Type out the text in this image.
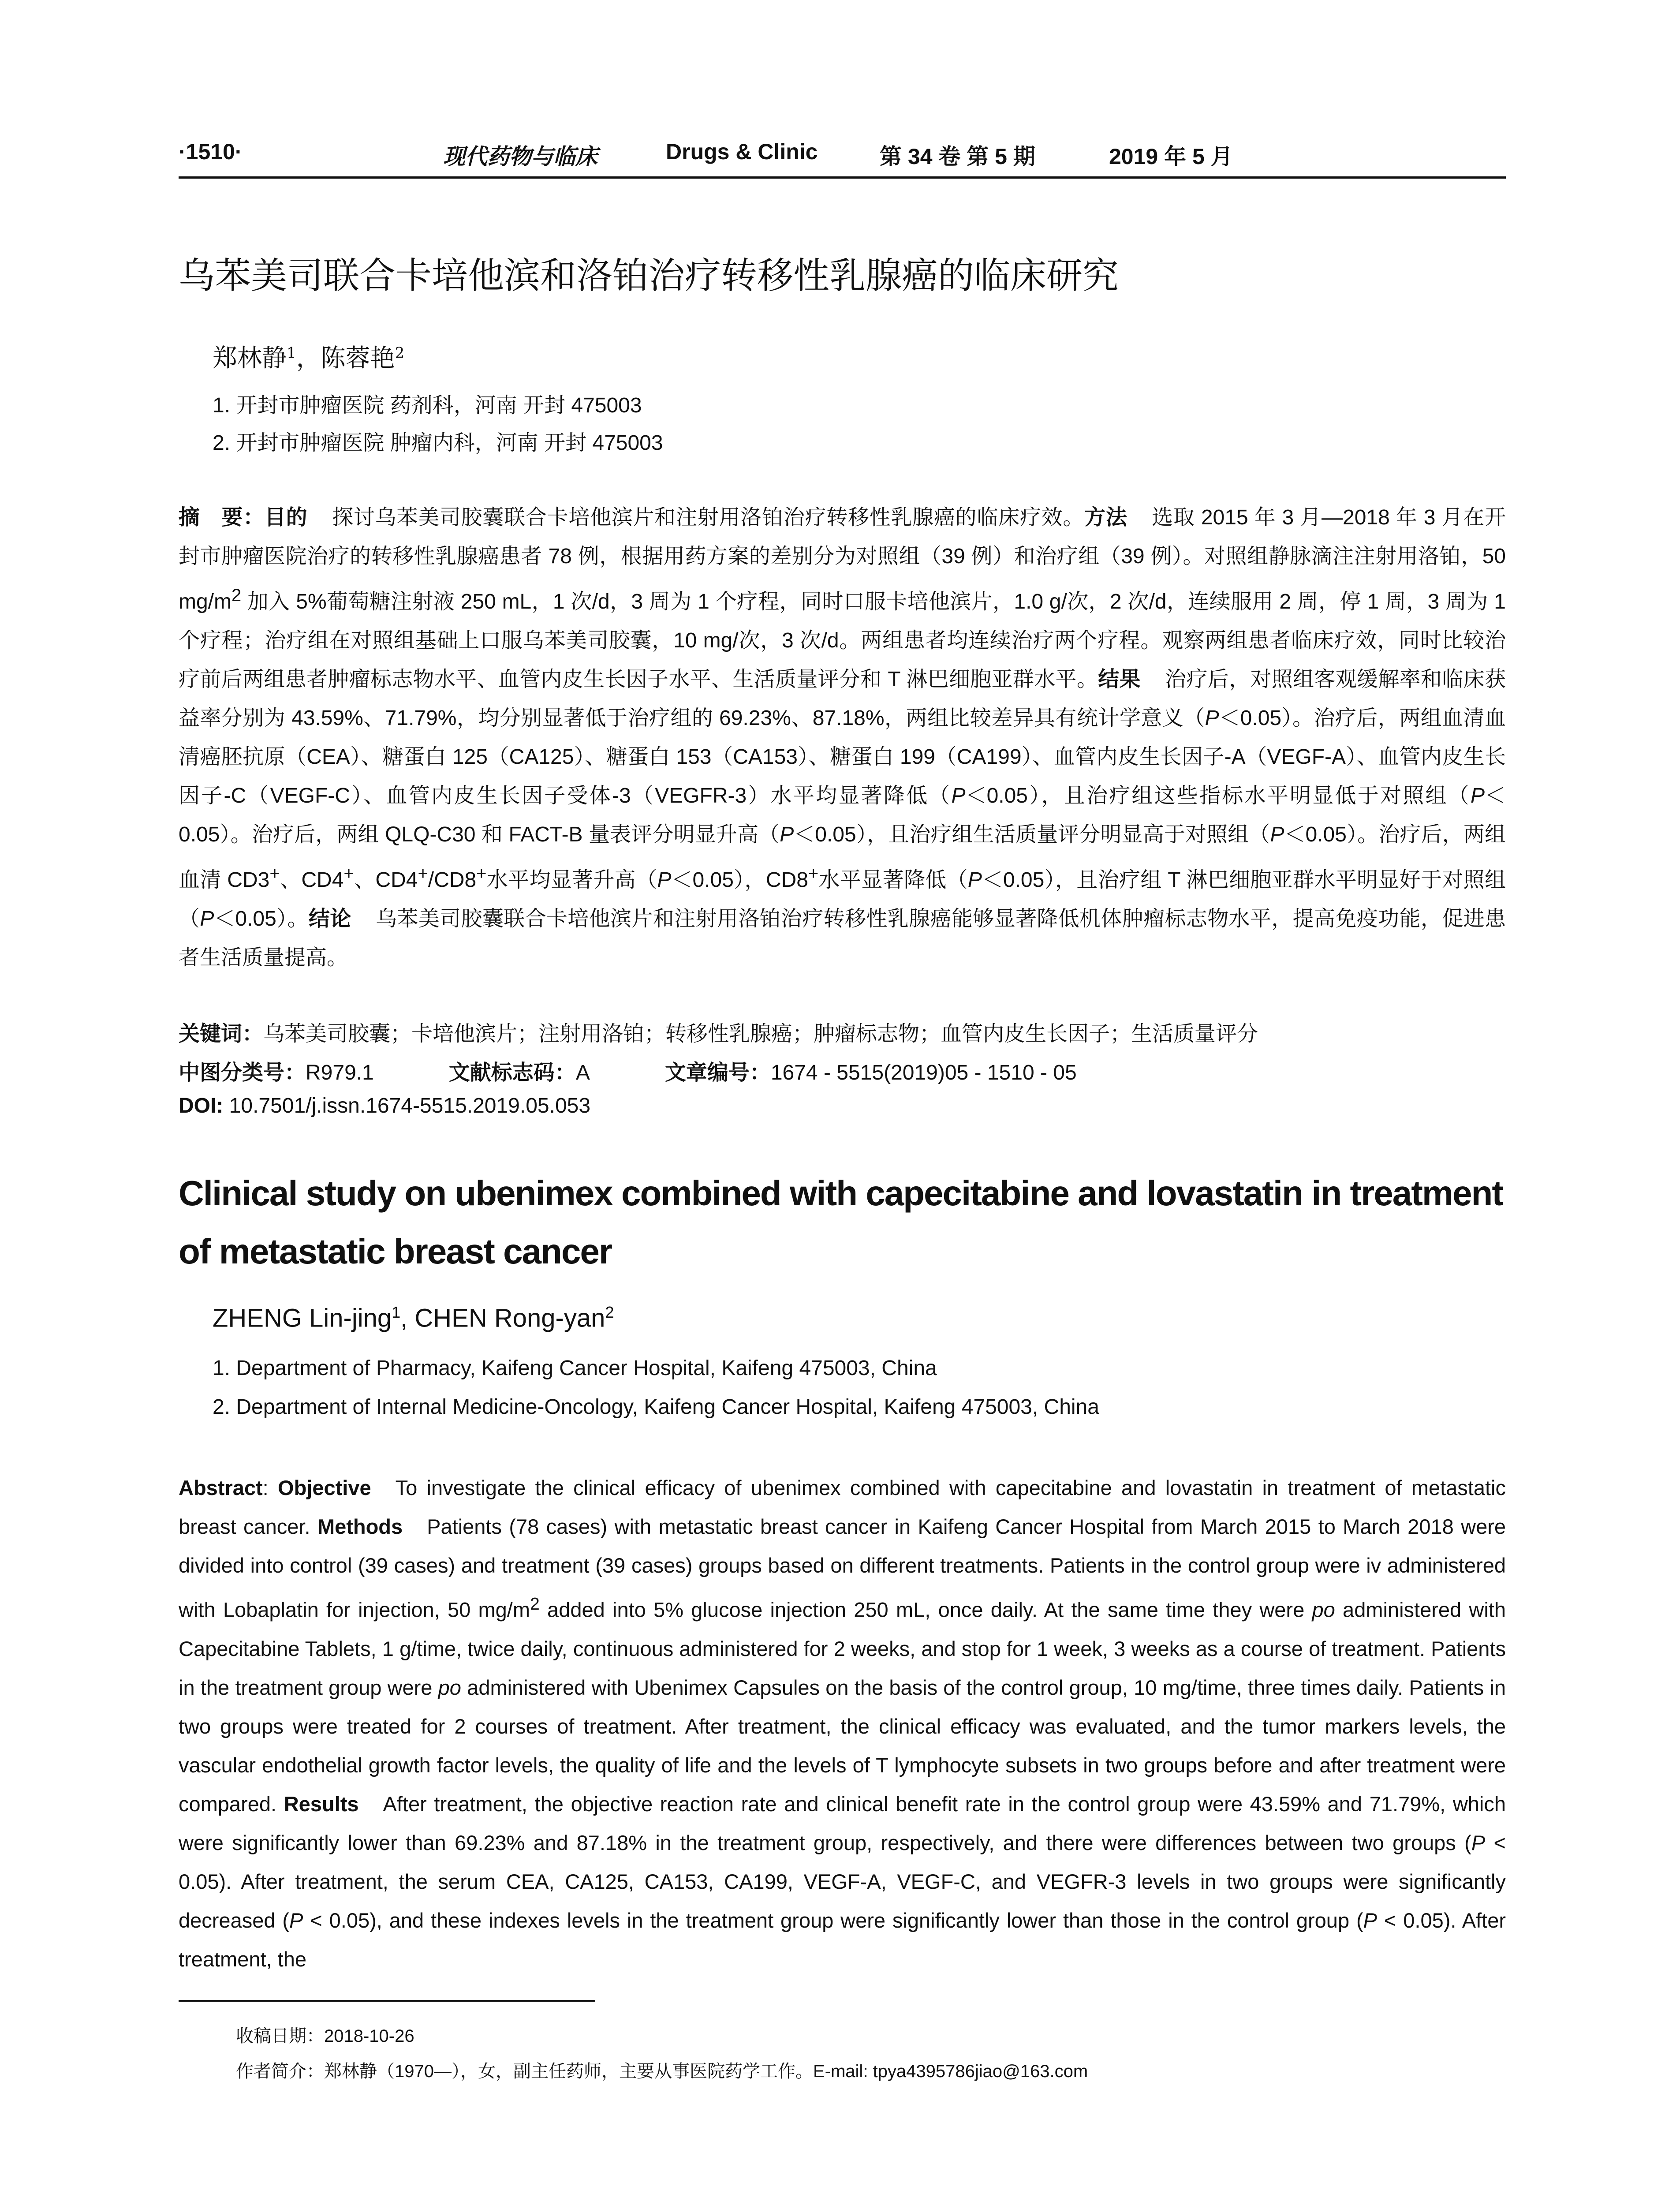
·1510·	现代药物与临床	Drugs & Clinic	第 34 卷 第 5 期	2019 年 5 月
乌苯美司联合卡培他滨和洛铂治疗转移性乳腺癌的临床研究
郑林静$^1$，陈蓉艳$^2$
1. 开封市肿瘤医院 药剂科，河南 开封 475003
2. 开封市肿瘤医院 肿瘤内科，河南 开封 475003

摘　要：目的 探讨乌苯美司胶囊联合卡培他滨片和注射用洛铂治疗转移性乳腺癌的临床疗效。方法 选取 2015 年 3 月—2018 年 3 月在开封市肿瘤医院治疗的转移性乳腺癌患者 78 例，根据用药方案的差别分为对照组（39 例）和治疗组（39 例）。对照组静脉滴注注射用洛铂，50 $mg/m^2$ 加入 5%葡萄糖注射液 250 mL，1 次/d，3 周为 1 个疗程，同时口服卡培他滨片，1.0 g/次，2 次/d，连续服用 2 周，停 1 周，3 周为 1 个疗程；治疗组在对照组基础上口服乌苯美司胶囊，10 mg/次，3 次/d。两组患者均连续治疗两个疗程。观察两组患者临床疗效，同时比较治疗前后两组患者肿瘤标志物水平、血管内皮生长因子水平、生活质量评分和 T 淋巴细胞亚群水平。结果 治疗后，对照组客观缓解率和临床获益率分别为 43.59%、71.79%，均分别显著低于治疗组的 69.23%、87.18%，两组比较差异具有统计学意义（P＜0.05）。治疗后，两组血清血清癌胚抗原（CEA）、糖蛋白 125（CA125）、糖蛋白 153（CA153）、糖蛋白 199（CA199）、血管内皮生长因子-A（VEGF-A）、血管内皮生长因子-C（VEGF-C）、血管内皮生长因子受体-3（VEGFR-3）水平均显著降低（P＜0.05），且治疗组这些指标水平明显低于对照组（P＜0.05）。治疗后，两组 QLQ-C30 和 FACT-B 量表评分明显升高（P＜0.05），且治疗组生活质量评分明显高于对照组（P＜0.05）。治疗后，两组血清 CD3+、CD4+、CD4+/CD8+水平均显著升高（P＜0.05），CD8+水平显著降低（P＜0.05），且治疗组 T 淋巴细胞亚群水平明显好于对照组（P＜0.05）。结论 乌苯美司胶囊联合卡培他滨片和注射用洛铂治疗转移性乳腺癌能够显著降低机体肿瘤标志物水平，提高免疫功能，促进患者生活质量提高。

关键词：乌苯美司胶囊；卡培他滨片；注射用洛铂；转移性乳腺癌；肿瘤标志物；血管内皮生长因子；生活质量评分
中图分类号：R979.1	文献标志码：A	文章编号：1674 - 5515(2019)05 - 1510 - 05
DOI: 10.7501/j.issn.1674-5515.2019.05.053

Clinical study on ubenimex combined with capecitabine and lovastatin in treatment of metastatic breast cancer

ZHENG Lin-jing$^1$, CHEN Rong-yan$^2$
1. Department of Pharmacy, Kaifeng Cancer Hospital, Kaifeng 475003, China
2. Department of Internal Medicine-Oncology, Kaifeng Cancer Hospital, Kaifeng 475003, China

Abstract: Objective To investigate the clinical efficacy of ubenimex combined with capecitabine and lovastatin in treatment of metastatic breast cancer. Methods Patients (78 cases) with metastatic breast cancer in Kaifeng Cancer Hospital from March 2015 to March 2018 were divided into control (39 cases) and treatment (39 cases) groups based on different treatments. Patients in the control group were iv administered with Lobaplatin for injection, 50 $mg/m^2$ added into 5% glucose injection 250 mL, once daily. At the same time they were po administered with Capecitabine Tablets, 1 g/time, twice daily, continuous administered for 2 weeks, and stop for 1 week, 3 weeks as a course of treatment. Patients in the treatment group were po administered with Ubenimex Capsules on the basis of the control group, 10 mg/time, three times daily. Patients in two groups were treated for 2 courses of treatment. After treatment, the clinical efficacy was evaluated, and the tumor markers levels, the vascular endothelial growth factor levels, the quality of life and the levels of T lymphocyte subsets in two groups before and after treatment were compared. Results After treatment, the objective reaction rate and clinical benefit rate in the control group were 43.59% and 71.79%, which were significantly lower than 69.23% and 87.18% in the treatment group, respectively, and there were differences between two groups (P < 0.05). After treatment, the serum CEA, CA125, CA153, CA199, VEGF-A, VEGF-C, and VEGFR-3 levels in two groups were significantly decreased (P < 0.05), and these indexes levels in the treatment group were significantly lower than those in the control group (P < 0.05). After treatment, the

收稿日期：2018-10-26
作者简介：郑林静（1970—），女，副主任药师，主要从事医院药学工作。E-mail: tpya4395786jiao@163.com
